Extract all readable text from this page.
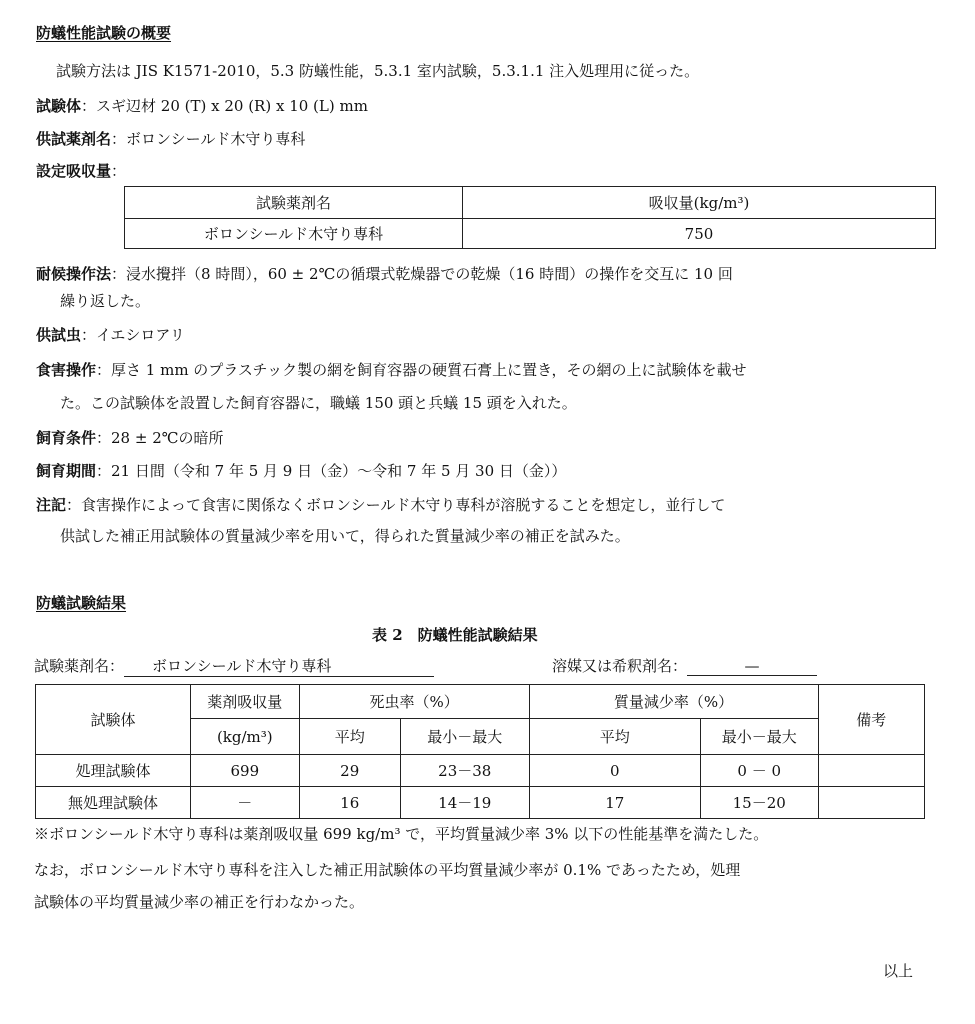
防蟻性能試験の概要
試験方法は JIS K1571-2010，5.3 防蟻性能，5.3.1 室内試験，5.3.1.1 注入処理用に従った。
試験体：スギ辺材 20 (T) x 20 (R) x 10 (L) mm
供試薬剤名：ボロンシールド木守り専科
設定吸収量：
試験薬剤名	吸収量(kg/m³)
ボロンシールド木守り専科	750
耐候操作法：浸水攪拌（8 時間），60 ± 2℃の循環式乾燥器での乾燥（16 時間）の操作を交互に 10 回
繰り返した。
供試虫：イエシロアリ
食害操作：厚さ 1 mm のプラスチック製の網を飼育容器の硬質石膏上に置き，その網の上に試験体を載せ
た。この試験体を設置した飼育容器に，職蟻 150 頭と兵蟻 15 頭を入れた。
飼育条件：28 ± 2℃の暗所
飼育期間：21 日間（令和 7 年 5 月 9 日（金）～令和 7 年 5 月 30 日（金））
注記：食害操作によって食害に関係なくボロンシールド木守り専科が溶脱することを想定し，並行して
供試した補正用試験体の質量減少率を用いて，得られた質量減少率の補正を試みた。
防蟻試験結果
表 2　防蟻性能試験結果
試験薬剤名： ボロンシールド木守り専科	溶媒又は希釈剤名：	—
試験体	薬剤吸収量	死虫率（%）		質量減少率（%）		備考
	(kg/m³)	平均	最小－最大	平均	最小－最大	
処理試験体	699	29	23－38	0	0 － 0	
無処理試験体	－	16	14－19	17	15－20	
※ボロンシールド木守り専科は薬剤吸収量 699 kg/m³ で，平均質量減少率 3% 以下の性能基準を満たした。
なお，ボロンシールド木守り専科を注入した補正用試験体の平均質量減少率が 0.1% であったため，処理
試験体の平均質量減少率の補正を行わなかった。
以上
